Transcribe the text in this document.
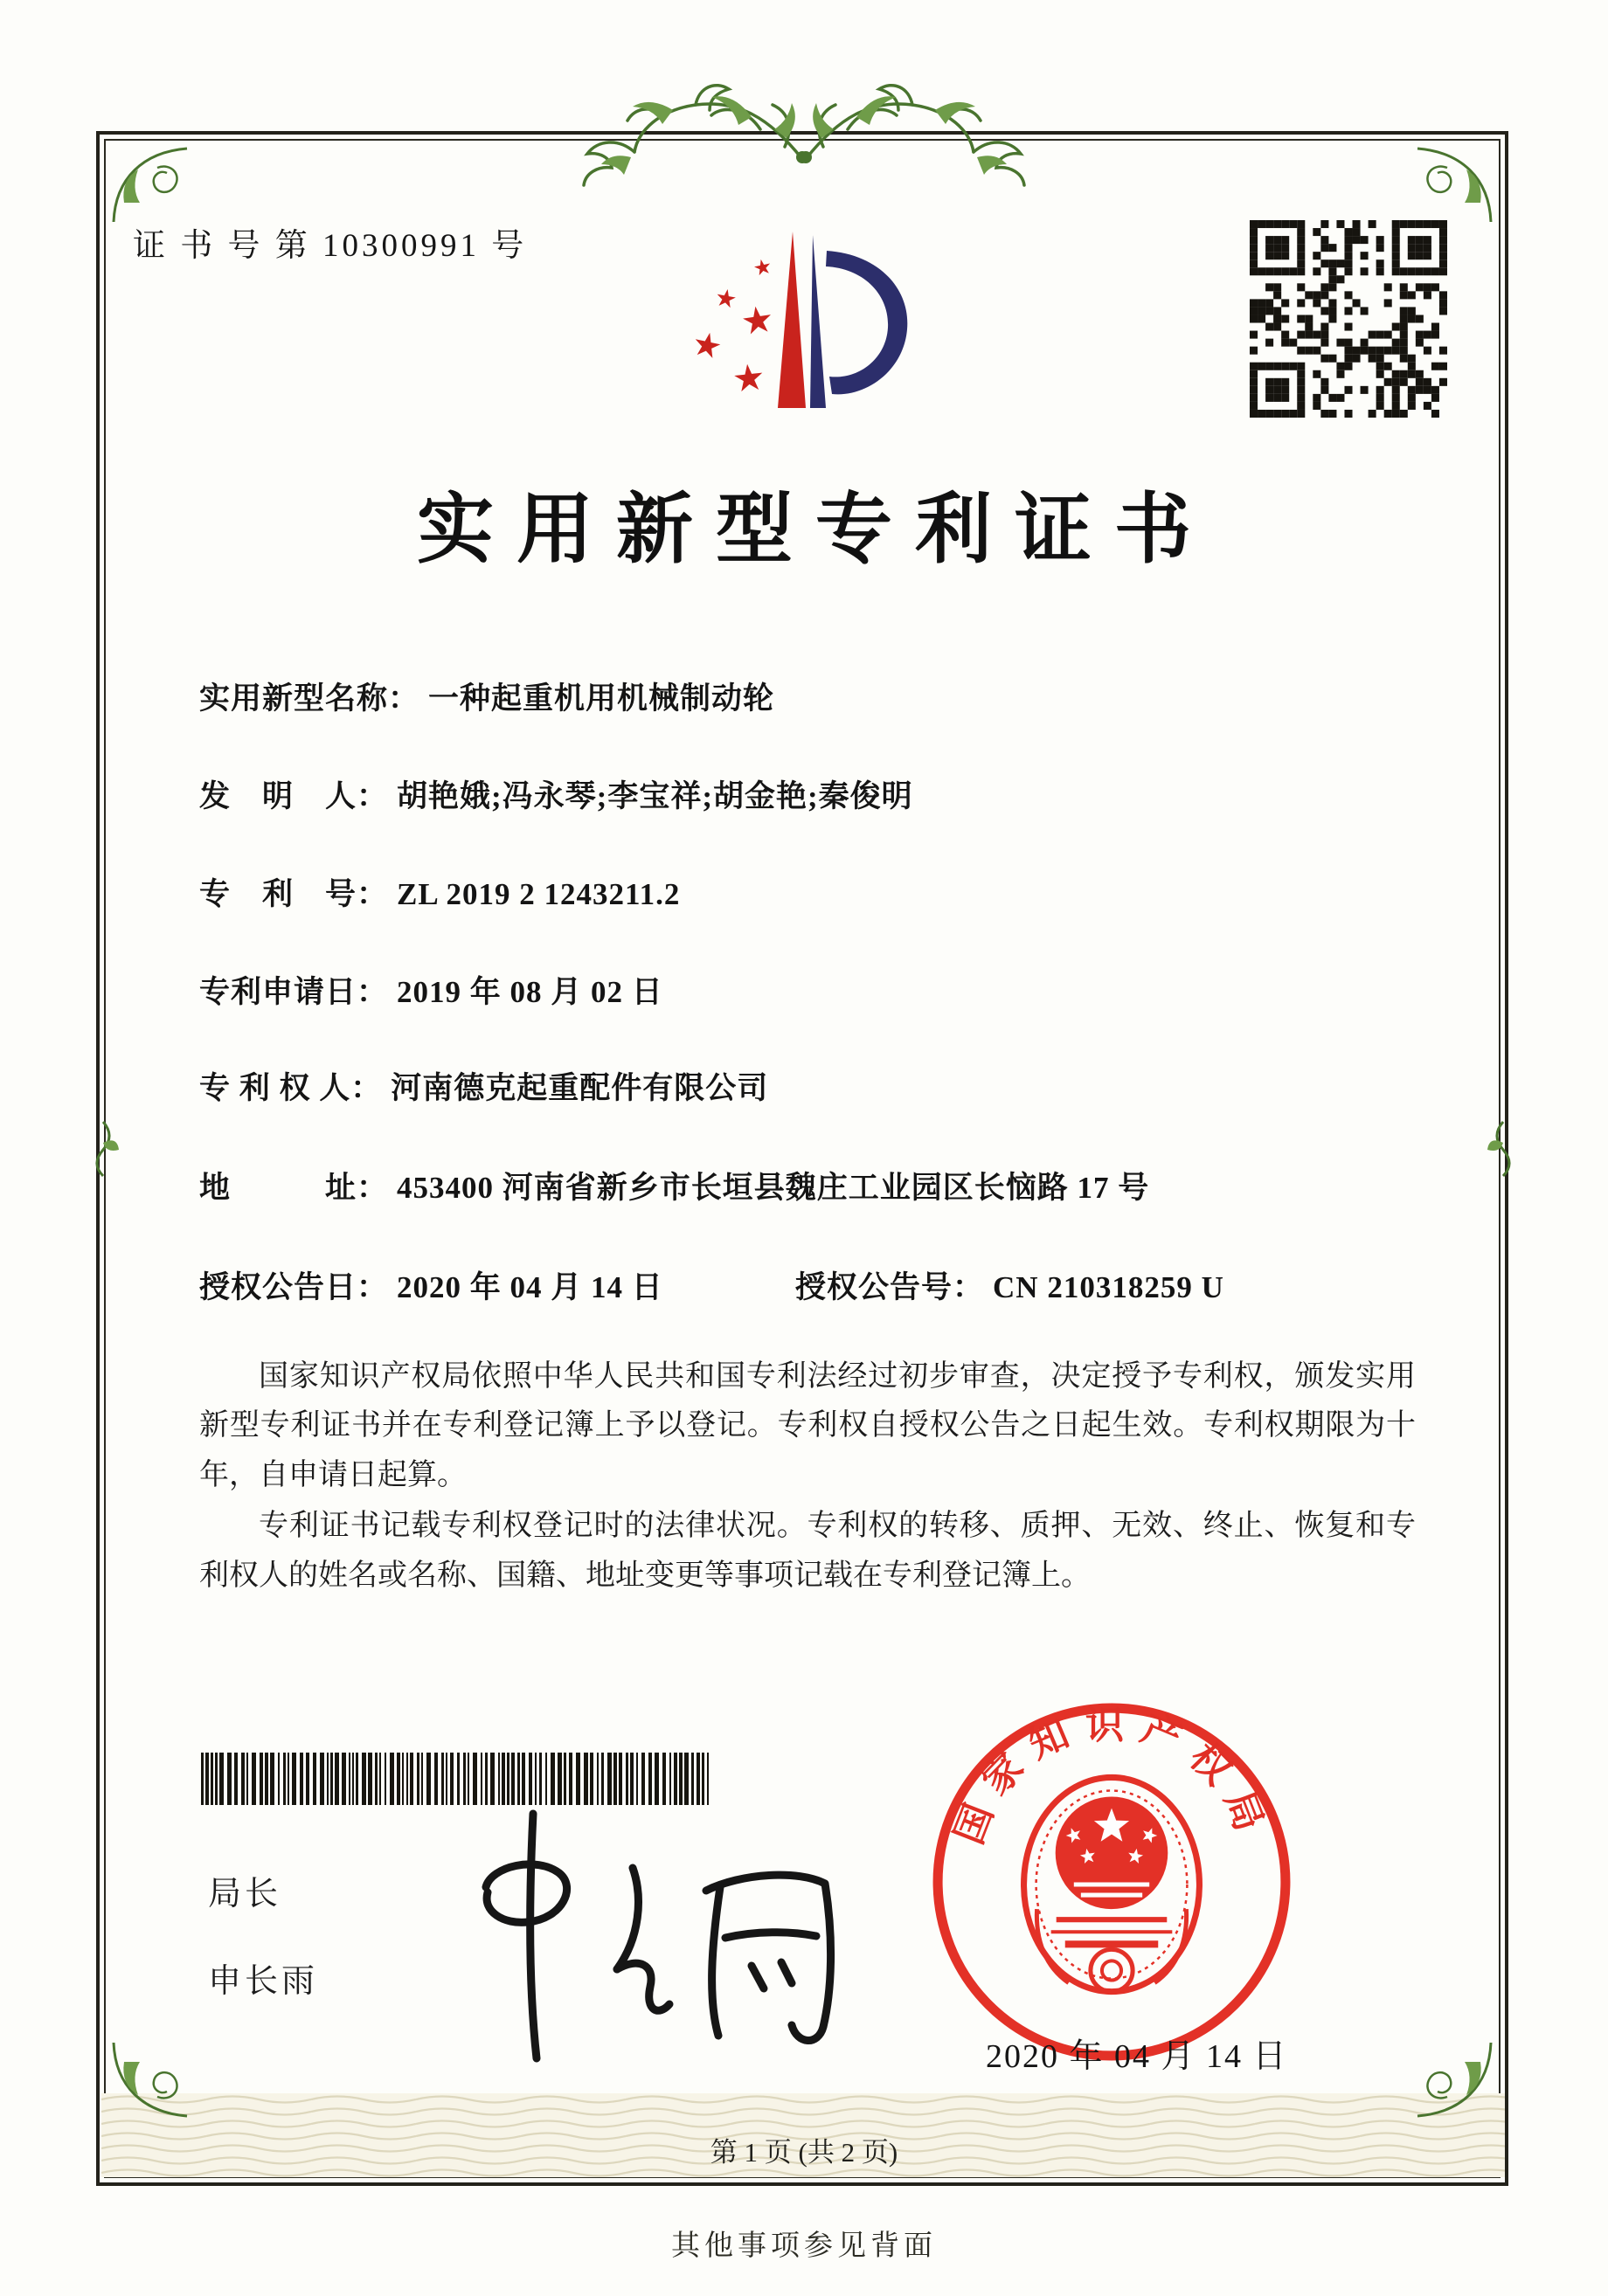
证 书 号 第 10300991 号
★
★
★
★
★
实用新型专利证书
实用新型名称： 一种起重机用机械制动轮
发　明　人： 胡艳娥;冯永琴;李宝祥;胡金艳;秦俊明
专　利　号： ZL 2019 2 1243211.2
专利申请日： 2019 年 08 月 02 日
专 利 权 人： 河南德克起重配件有限公司
地　　　址： 453400 河南省新乡市长垣县魏庄工业园区长恼路 17 号
授权公告日： 2020 年 04 月 14 日	授权公告号： CN 210318259 U

国家知识产权局依照中华人民共和国专利法经过初步审查，决定授予专利权，颁发实用新型专利证书并在专利登记簿上予以登记。专利权自授权公告之日起生效。专利权期限为十年，自申请日起算。

专利证书记载专利权登记时的法律状况。专利权的转移、质押、无效、终止、恢复和专利权人的姓名或名称、国籍、地址变更等事项记载在专利登记簿上。

局长
申长雨
国家知识产权局
2020 年 04 月 14 日
第 1 页 (共 2 页)
其他事项参见背面
